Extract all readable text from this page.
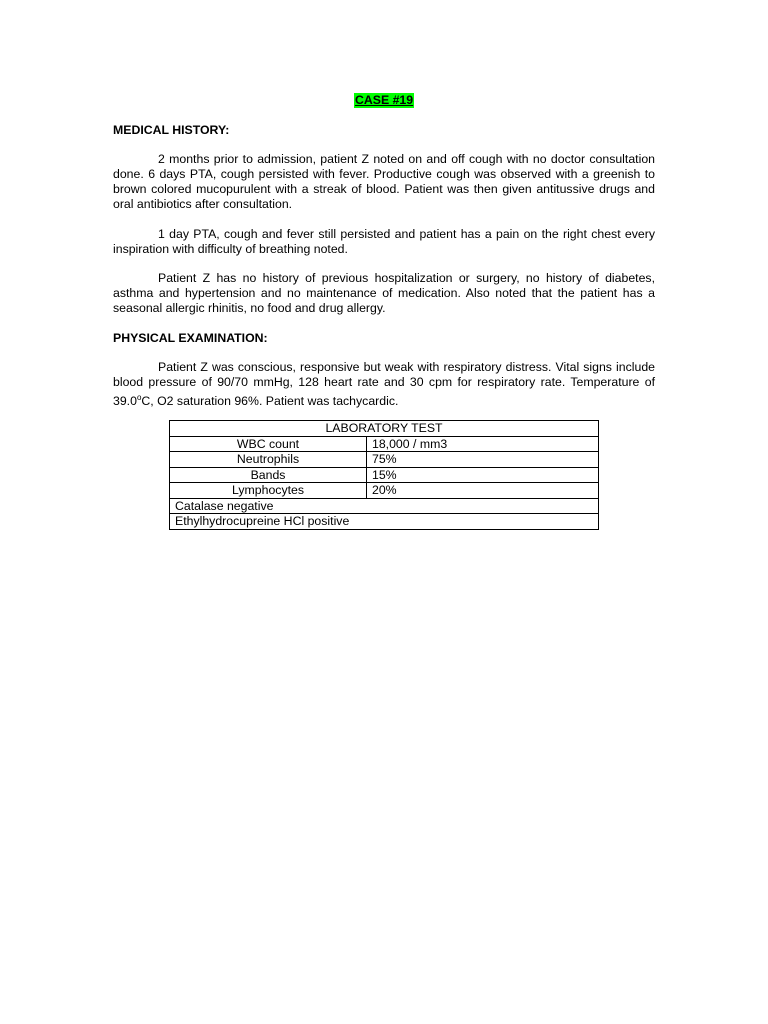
CASE #19
MEDICAL HISTORY:

2 months prior to admission, patient Z noted on and off cough with no doctor consultation done. 6 days PTA, cough persisted with fever. Productive cough was observed with a greenish to brown colored mucopurulent with a streak of blood. Patient was then given antitussive drugs and oral antibiotics after consultation.

1 day PTA, cough and fever still persisted and patient has a pain on the right chest every inspiration with difficulty of breathing noted.

Patient Z has no history of previous hospitalization or surgery, no history of diabetes, asthma and hypertension and no maintenance of medication. Also noted that the patient has a seasonal allergic rhinitis, no food and drug allergy.

PHYSICAL EXAMINATION:

Patient Z was conscious, responsive but weak with respiratory distress. Vital signs include blood pressure of 90/70 mmHg, 128 heart rate and 30 cpm for respiratory rate. Temperature of 39.0$^o$C, O2 saturation 96%. Patient was tachycardic.

LABORATORY TEST	
WBC count	18,000 / mm3
Neutrophils	75%
Bands	15%
Lymphocytes	20%
Catalase negative	
Ethylhydrocupreine HCl positive	
